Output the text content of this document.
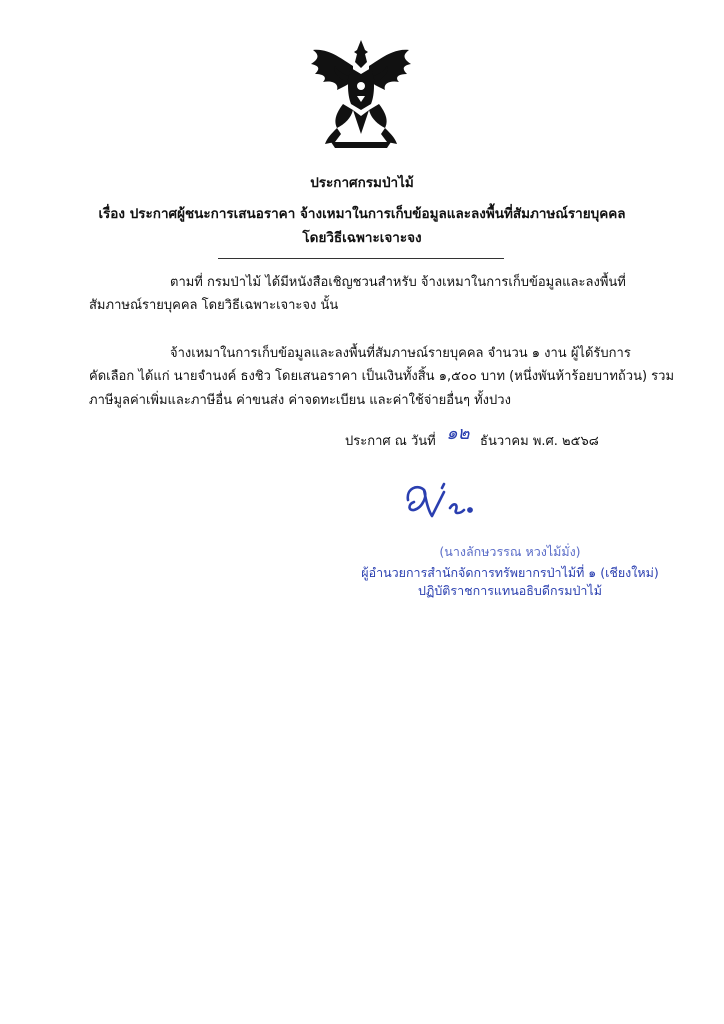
ประกาศกรมป่าไม้
เรื่อง ประกาศผู้ชนะการเสนอราคา จ้างเหมาในการเก็บข้อมูลและลงพื้นที่สัมภาษณ์รายบุคคล
โดยวิธีเฉพาะเจาะจง
ตามที่ กรมป่าไม้ ได้มีหนังสือเชิญชวนสำหรับ จ้างเหมาในการเก็บข้อมูลและลงพื้นที่
สัมภาษณ์รายบุคคล โดยวิธีเฉพาะเจาะจง นั้น
จ้างเหมาในการเก็บข้อมูลและลงพื้นที่สัมภาษณ์รายบุคคล จำนวน ๑ งาน ผู้ได้รับการ
คัดเลือก ได้แก่ นายจำนงค์ ธงชิว โดยเสนอราคา เป็นเงินทั้งสิ้น ๑,๕๐๐ บาท (หนึ่งพันห้าร้อยบาทถ้วน) รวม
ภาษีมูลค่าเพิ่มและภาษีอื่น ค่าขนส่ง ค่าจดทะเบียน และค่าใช้จ่ายอื่นๆ ทั้งปวง
ประกาศ ณ วันที่ ๑๒ ธันวาคม พ.ศ. ๒๕๖๘
(นางลักษวรรณ หวงไม้มั่ง)
ผู้อำนวยการสำนักจัดการทรัพยากรป่าไม้ที่ ๑ (เชียงใหม่)
ปฏิบัติราชการแทนอธิบดีกรมป่าไม้
